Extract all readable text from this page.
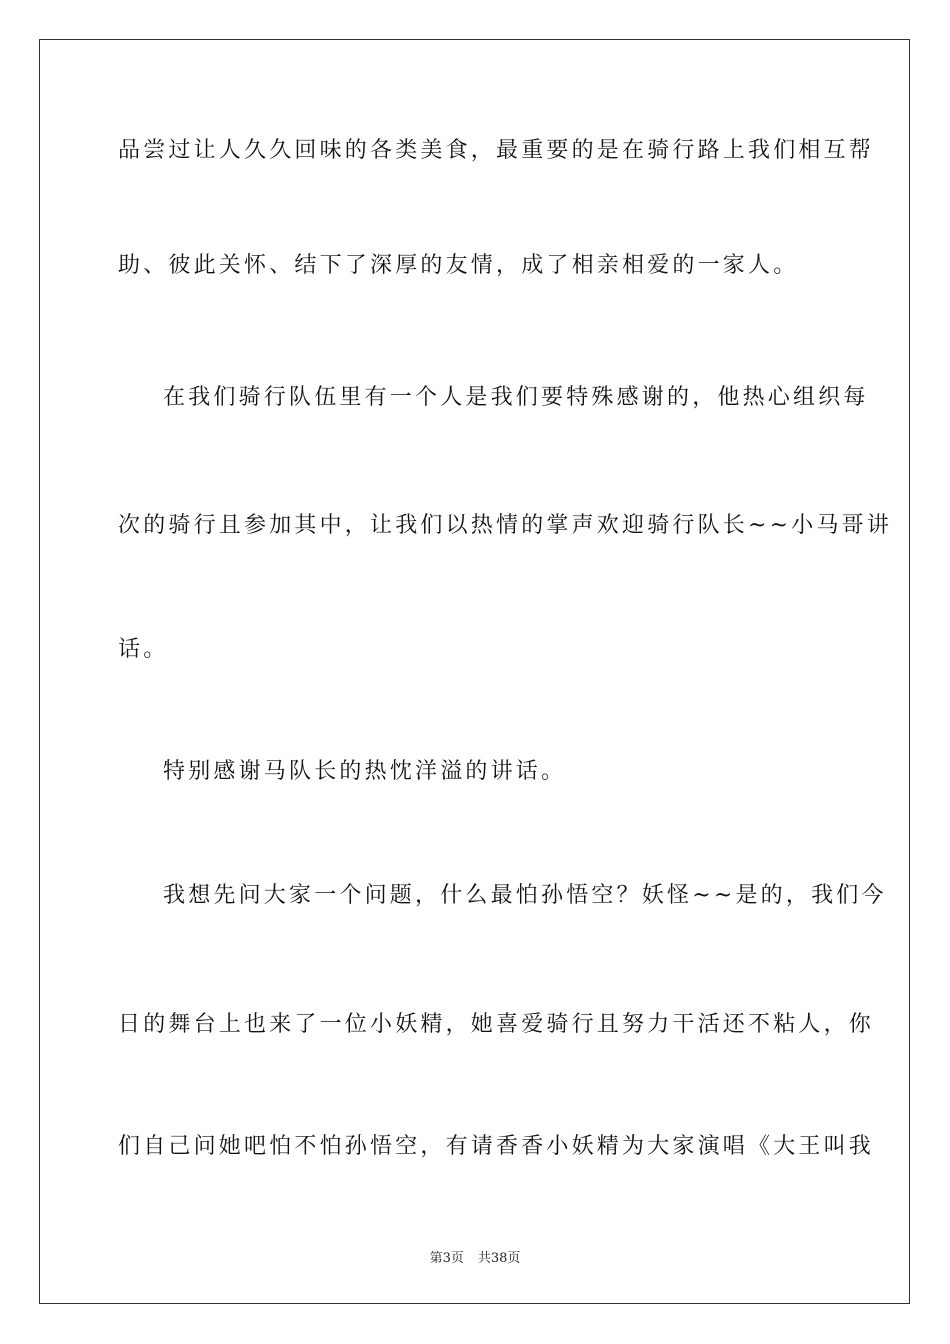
品尝过让人久久回味的各类美食，最重要的是在骑行路上我们相互帮
助、彼此关怀、结下了深厚的友情，成了相亲相爱的一家人。
在我们骑行队伍里有一个人是我们要特殊感谢的，他热心组织每
次的骑行且参加其中，让我们以热情的掌声欢迎骑行队长~~小马哥讲
话。
特别感谢马队长的热忱洋溢的讲话。
我想先问大家一个问题，什么最怕孙悟空？妖怪~~是的，我们今
日的舞台上也来了一位小妖精，她喜爱骑行且努力干活还不粘人，你
们自己问她吧怕不怕孙悟空，有请香香小妖精为大家演唱《大王叫我
第3页 共38页
